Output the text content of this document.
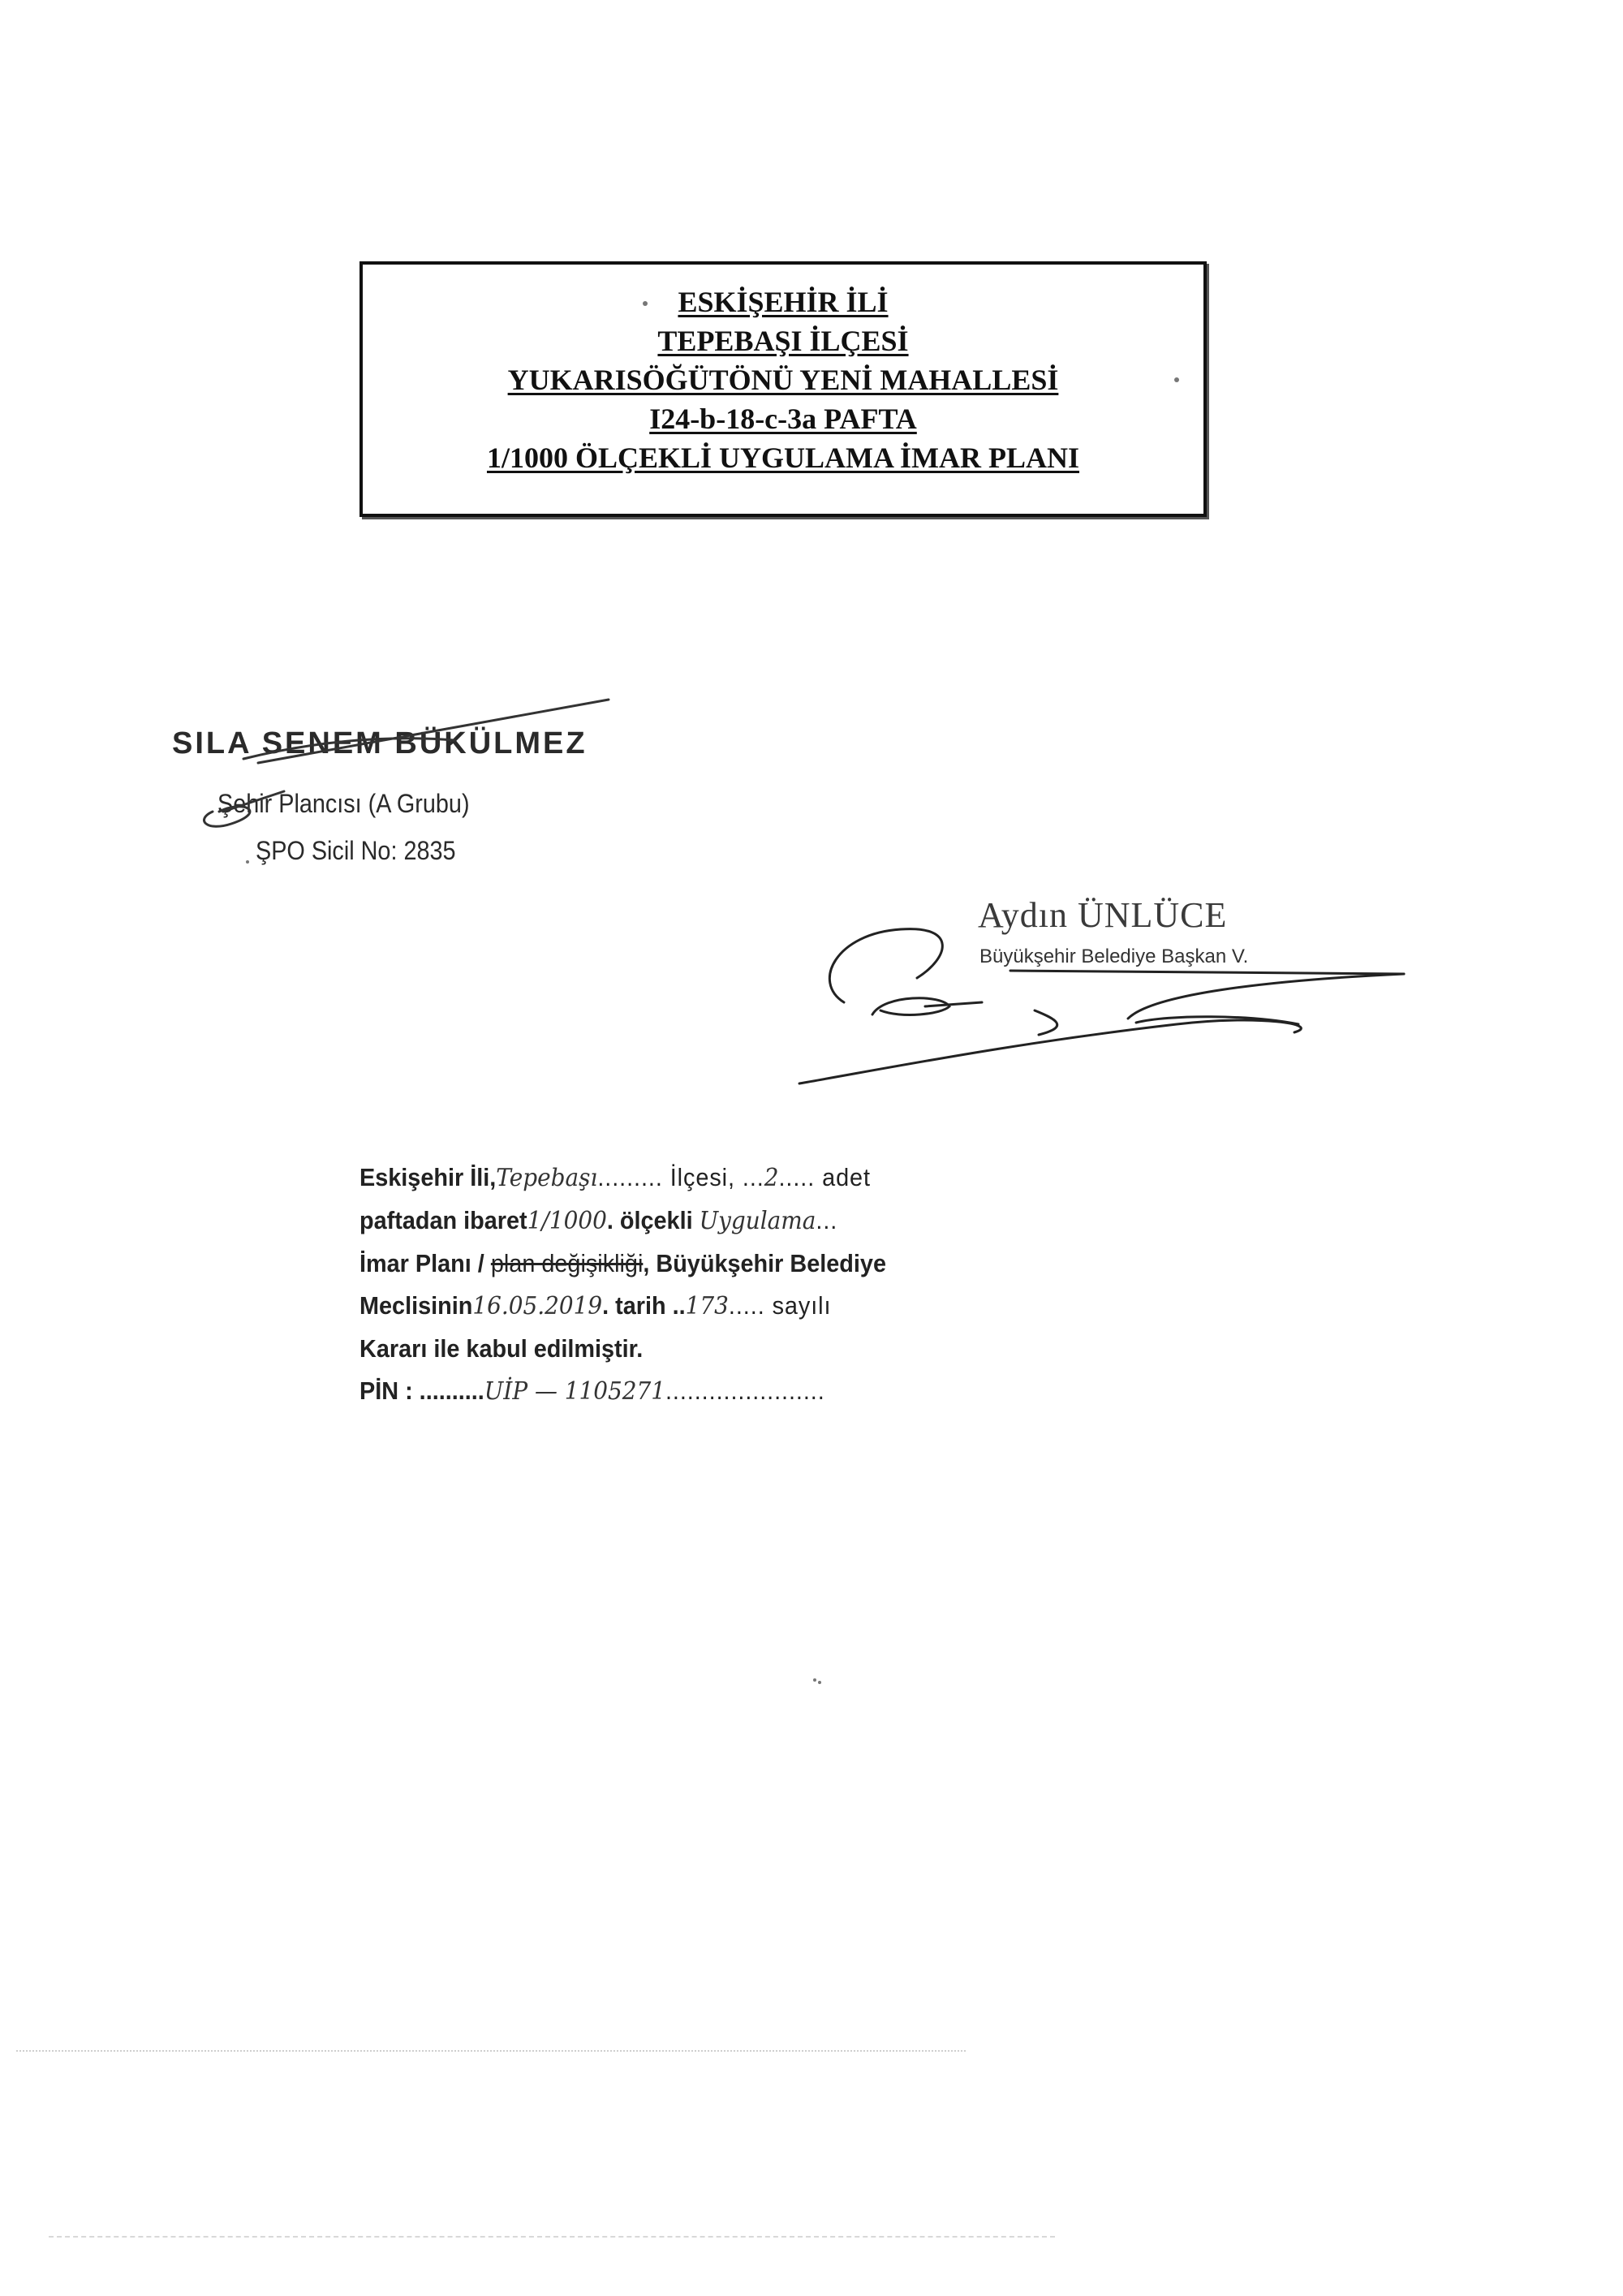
ESKİŞEHİR İLİ
TEPEBAŞI İLÇESİ
YUKARISÖĞÜTÖNÜ YENİ MAHALLESİ
I24-b-18-c-3a PAFTA
1/1000 ÖLÇEKLİ UYGULAMA İMAR PLANI
SILA SENEM BÜKÜLMEZ
Şehir Plancısı (A Grubu)
ŞPO Sicil No: 2835
Aydın ÜNLÜCE
Büyükşehir Belediye Başkan V.
Eskişehir İli,Tepebaşı......... İlçesi, ...2..... adet
paftadan ibaret1/1000. ölçekli Uygulama...
İmar Planı / plan değişikliği, Büyükşehir Belediye
Meclisinin16.05.2019. tarih ..173..... sayılı
Kararı ile kabul edilmiştir.
PİN : ..........UİP — 1105271......................
